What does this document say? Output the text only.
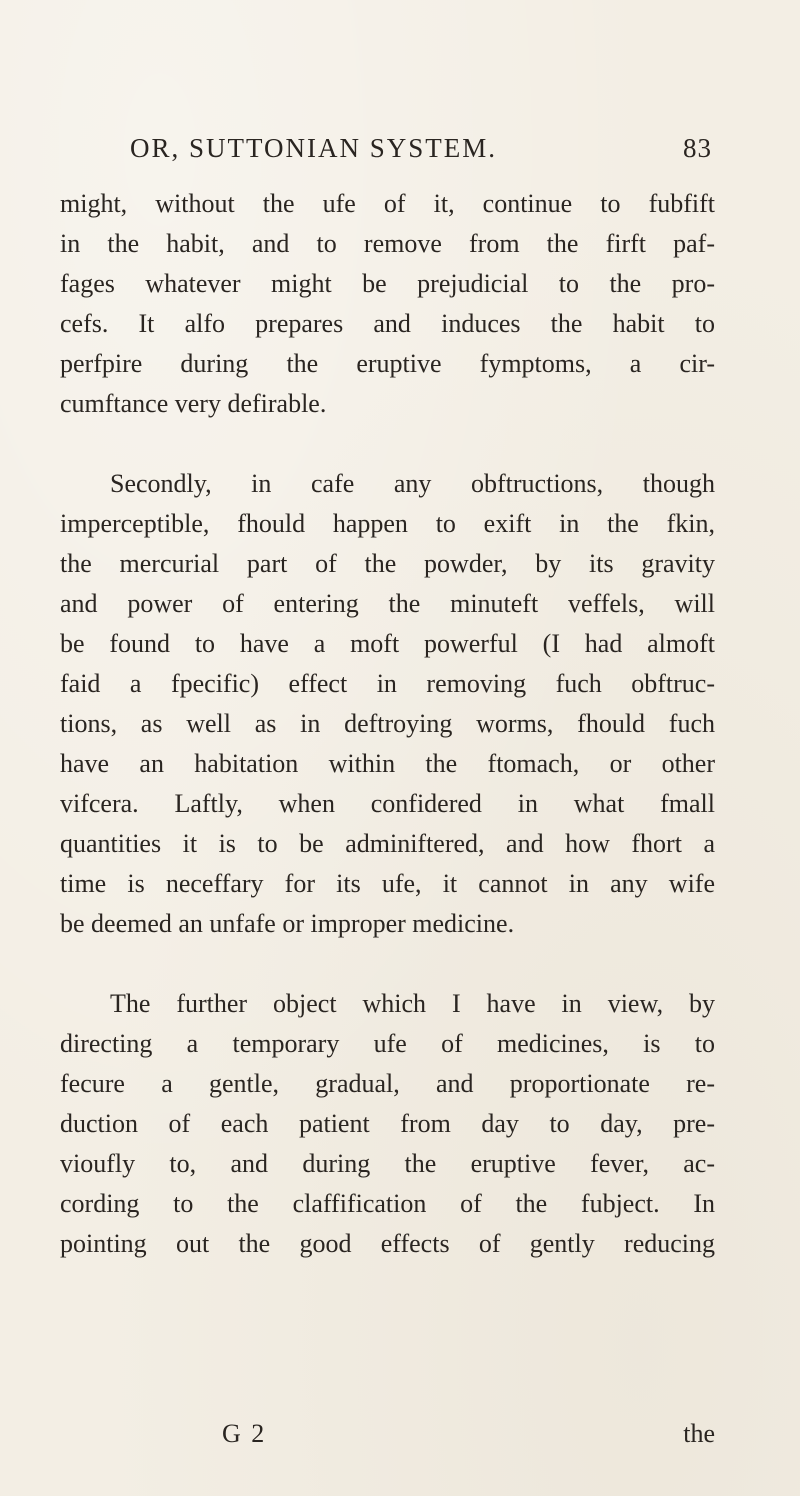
OR, SUTTONIAN SYSTEM.	83

might, without the ufe of it, continue to fubfift
in the habit, and to remove from the firft paf-
fages whatever might be prejudicial to the pro-
cefs. It alfo prepares and induces the habit to
perfpire during the eruptive fymptoms, a cir-
cumftance very defirable.

Secondly, in cafe any obftructions, though
imperceptible, fhould happen to exift in the fkin,
the mercurial part of the powder, by its gravity
and power of entering the minuteft veffels, will
be found to have a moft powerful (I had almoft
faid a fpecific) effect in removing fuch obftruc-
tions, as well as in deftroying worms, fhould fuch
have an habitation within the ftomach, or other
vifcera. Laftly, when confidered in what fmall
quantities it is to be adminiftered, and how fhort a
time is neceffary for its ufe, it cannot in any wife
be deemed an unfafe or improper medicine.

The further object which I have in view, by
directing a temporary ufe of medicines, is to
fecure a gentle, gradual, and proportionate re-
duction of each patient from day to day, pre-
vioufly to, and during the eruptive fever, ac-
cording to the claffification of the fubject. In
pointing out the good effects of gently reducing

G 2	the
